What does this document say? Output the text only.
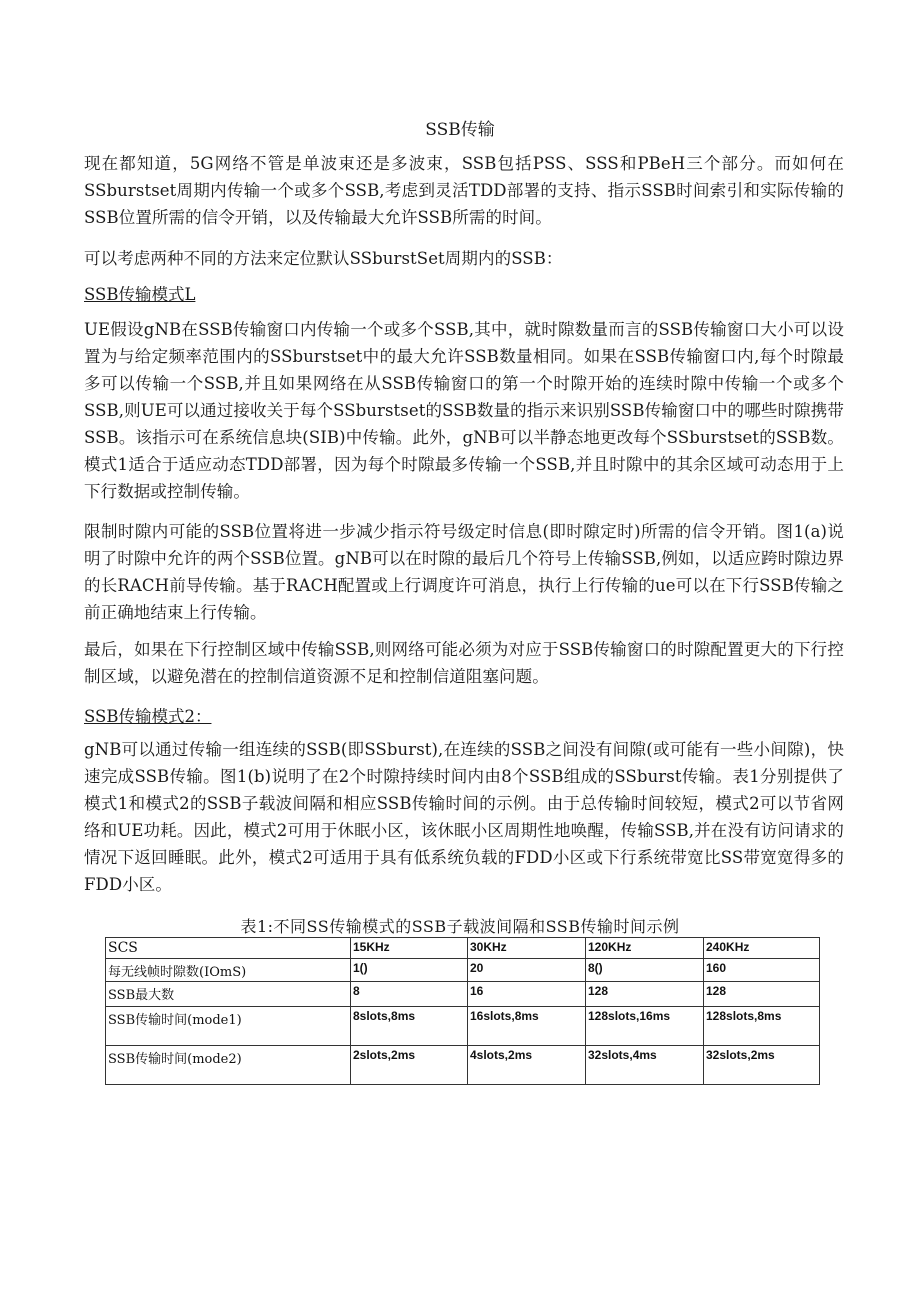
SSB传输

现在都知道，5G网络不管是单波束还是多波束，SSB包括PSS、SSS和PBeH三个部分。而如何在SSburstset周期内传输一个或多个SSB,考虑到灵活TDD部署的支持、指示SSB时间索引和实际传输的SSB位置所需的信令开销，以及传输最大允许SSB所需的时间。

可以考虑两种不同的方法来定位默认SSburstSet周期内的SSB：

SSB传输模式L

UE假设gNB在SSB传输窗口内传输一个或多个SSB,其中，就时隙数量而言的SSB传输窗口大小可以设置为与给定频率范围内的SSburstset中的最大允许SSB数量相同。如果在SSB传输窗口内,每个时隙最多可以传输一个SSB,并且如果网络在从SSB传输窗口的第一个时隙开始的连续时隙中传输一个或多个SSB,则UE可以通过接收关于每个SSburstset的SSB数量的指示来识别SSB传输窗口中的哪些时隙携带SSB。该指示可在系统信息块(SIB)中传输。此外，gNB可以半静态地更改每个SSburstset的SSB数。模式1适合于适应动态TDD部署，因为每个时隙最多传输一个SSB,并且时隙中的其余区域可动态用于上下行数据或控制传输。

限制时隙内可能的SSB位置将进一步减少指示符号级定时信息(即时隙定时)所需的信令开销。图1(a)说明了时隙中允许的两个SSB位置。gNB可以在时隙的最后几个符号上传输SSB,例如，以适应跨时隙边界的长RACH前导传输。基于RACH配置或上行调度许可消息，执行上行传输的ue可以在下行SSB传输之前正确地结束上行传输。

最后，如果在下行控制区域中传输SSB,则网络可能必须为对应于SSB传输窗口的时隙配置更大的下行控制区域，以避免潜在的控制信道资源不足和控制信道阻塞问题。

SSB传输模式2：

gNB可以通过传输一组连续的SSB(即SSburst),在连续的SSB之间没有间隙(或可能有一些小间隙)，快速完成SSB传输。图1(b)说明了在2个时隙持续时间内由8个SSB组成的SSburst传输。表1分别提供了模式1和模式2的SSB子载波间隔和相应SSB传输时间的示例。由于总传输时间较短，模式2可以节省网络和UE功耗。因此，模式2可用于休眠小区，该休眠小区周期性地唤醒，传输SSB,并在没有访问请求的情况下返回睡眠。此外，模式2可适用于具有低系统负载的FDD小区或下行系统带宽比SS带宽宽得多的FDD小区。

表1:不同SS传输模式的SSB子载波间隔和SSB传输时间示例
SCS	15KHz	30KHz	120KHz	240KHz
每无线帧时隙数(IOmS)	1()	20	8()	160
SSB最大数	8	16	128	128
SSB传输时间(mode1)	8slots,8ms	16slots,8ms	128slots,16ms	128slots,8ms
SSB传输时间(mode2)	2slots,2ms	4slots,2ms	32slots,4ms	32slots,2ms
